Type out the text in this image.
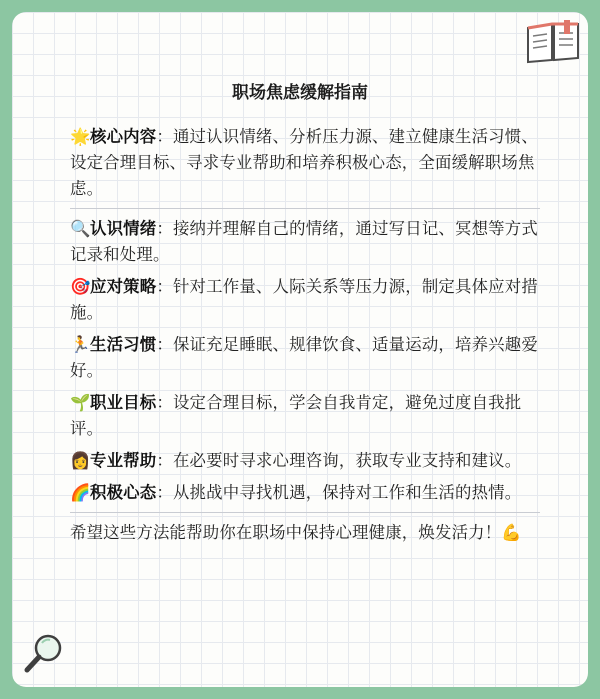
职场焦虑缓解指南

🌟核心内容：通过认识情绪、分析压力源、建立健康生活习惯、设定合理目标、寻求专业帮助和培养积极心态，全面缓解职场焦虑。

🔍认识情绪：接纳并理解自己的情绪，通过写日记、冥想等方式记录和处理。

🎯应对策略：针对工作量、人际关系等压力源，制定具体应对措施。

🏃生活习惯：保证充足睡眠、规律饮食、适量运动，培养兴趣爱好。

🌱职业目标：设定合理目标，学会自我肯定，避免过度自我批评。

👩专业帮助：在必要时寻求心理咨询，获取专业支持和建议。

🌈积极心态：从挑战中寻找机遇，保持对工作和生活的热情。

希望这些方法能帮助你在职场中保持心理健康，焕发活力！💪
